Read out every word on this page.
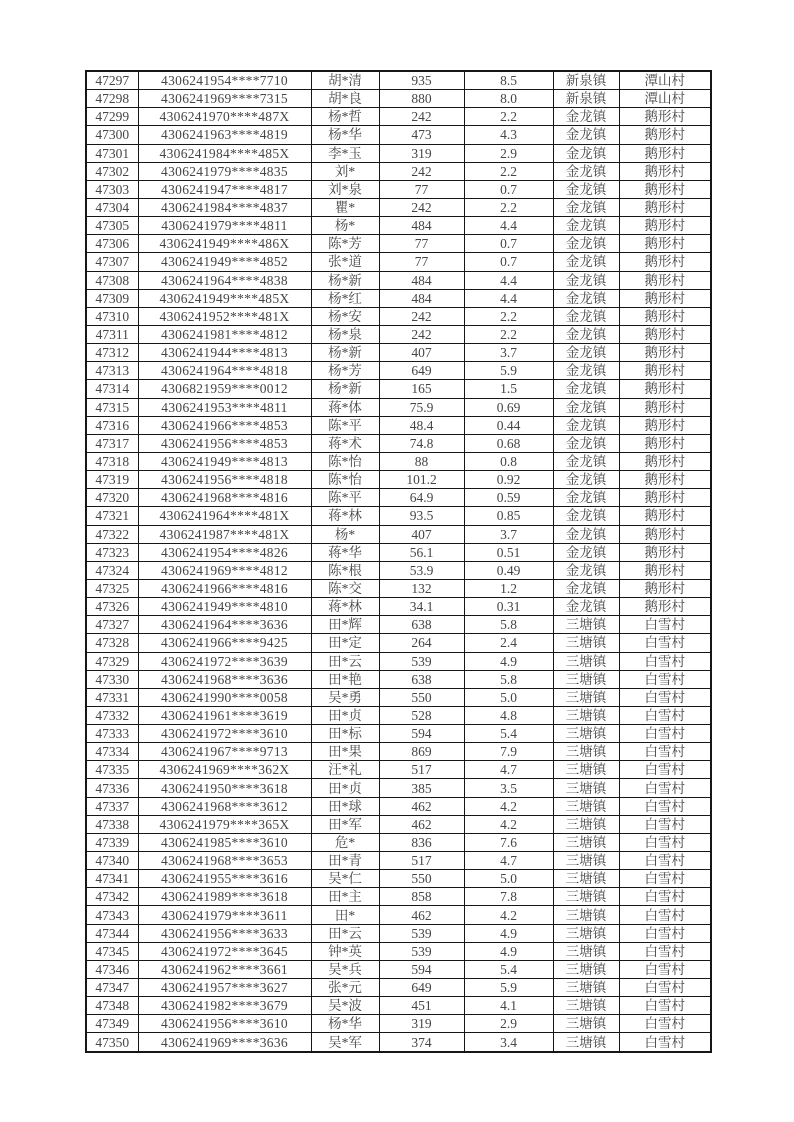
47297	4306241954****7710	胡*清	935	8.5	新泉镇	潭山村
47298	4306241969****7315	胡*良	880	8.0	新泉镇	潭山村
47299	4306241970****487X	杨*哲	242	2.2	金龙镇	鹅形村
47300	4306241963****4819	杨*华	473	4.3	金龙镇	鹅形村
47301	4306241984****485X	李*玉	319	2.9	金龙镇	鹅形村
47302	4306241979****4835	刘*	242	2.2	金龙镇	鹅形村
47303	4306241947****4817	刘*泉	77	0.7	金龙镇	鹅形村
47304	4306241984****4837	瞿*	242	2.2	金龙镇	鹅形村
47305	4306241979****4811	杨*	484	4.4	金龙镇	鹅形村
47306	4306241949****486X	陈*芳	77	0.7	金龙镇	鹅形村
47307	4306241949****4852	张*道	77	0.7	金龙镇	鹅形村
47308	4306241964****4838	杨*新	484	4.4	金龙镇	鹅形村
47309	4306241949****485X	杨*红	484	4.4	金龙镇	鹅形村
47310	4306241952****481X	杨*安	242	2.2	金龙镇	鹅形村
47311	4306241981****4812	杨*泉	242	2.2	金龙镇	鹅形村
47312	4306241944****4813	杨*新	407	3.7	金龙镇	鹅形村
47313	4306241964****4818	杨*芳	649	5.9	金龙镇	鹅形村
47314	4306821959****0012	杨*新	165	1.5	金龙镇	鹅形村
47315	4306241953****4811	蒋*体	75.9	0.69	金龙镇	鹅形村
47316	4306241966****4853	陈*平	48.4	0.44	金龙镇	鹅形村
47317	4306241956****4853	蒋*术	74.8	0.68	金龙镇	鹅形村
47318	4306241949****4813	陈*怡	88	0.8	金龙镇	鹅形村
47319	4306241956****4818	陈*怡	101.2	0.92	金龙镇	鹅形村
47320	4306241968****4816	陈*平	64.9	0.59	金龙镇	鹅形村
47321	4306241964****481X	蒋*林	93.5	0.85	金龙镇	鹅形村
47322	4306241987****481X	杨*	407	3.7	金龙镇	鹅形村
47323	4306241954****4826	蒋*华	56.1	0.51	金龙镇	鹅形村
47324	4306241969****4812	陈*根	53.9	0.49	金龙镇	鹅形村
47325	4306241966****4816	陈*交	132	1.2	金龙镇	鹅形村
47326	4306241949****4810	蒋*林	34.1	0.31	金龙镇	鹅形村
47327	4306241964****3636	田*辉	638	5.8	三塘镇	白雪村
47328	4306241966****9425	田*定	264	2.4	三塘镇	白雪村
47329	4306241972****3639	田*云	539	4.9	三塘镇	白雪村
47330	4306241968****3636	田*艳	638	5.8	三塘镇	白雪村
47331	4306241990****0058	吴*勇	550	5.0	三塘镇	白雪村
47332	4306241961****3619	田*贞	528	4.8	三塘镇	白雪村
47333	4306241972****3610	田*标	594	5.4	三塘镇	白雪村
47334	4306241967****9713	田*果	869	7.9	三塘镇	白雪村
47335	4306241969****362X	汪*礼	517	4.7	三塘镇	白雪村
47336	4306241950****3618	田*贞	385	3.5	三塘镇	白雪村
47337	4306241968****3612	田*球	462	4.2	三塘镇	白雪村
47338	4306241979****365X	田*军	462	4.2	三塘镇	白雪村
47339	4306241985****3610	危*	836	7.6	三塘镇	白雪村
47340	4306241968****3653	田*青	517	4.7	三塘镇	白雪村
47341	4306241955****3616	吴*仁	550	5.0	三塘镇	白雪村
47342	4306241989****3618	田*主	858	7.8	三塘镇	白雪村
47343	4306241979****3611	田*	462	4.2	三塘镇	白雪村
47344	4306241956****3633	田*云	539	4.9	三塘镇	白雪村
47345	4306241972****3645	钟*英	539	4.9	三塘镇	白雪村
47346	4306241962****3661	吴*兵	594	5.4	三塘镇	白雪村
47347	4306241957****3627	张*元	649	5.9	三塘镇	白雪村
47348	4306241982****3679	吴*波	451	4.1	三塘镇	白雪村
47349	4306241956****3610	杨*华	319	2.9	三塘镇	白雪村
47350	4306241969****3636	吴*军	374	3.4	三塘镇	白雪村
